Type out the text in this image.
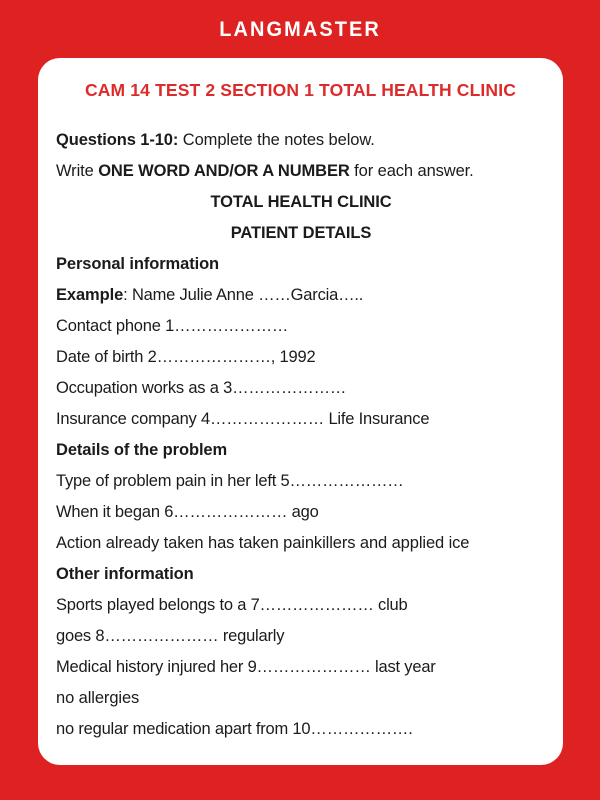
LANGMASTER
CAM 14 TEST 2 SECTION 1 TOTAL HEALTH CLINIC
Questions 1-10: Complete the notes below.
Write ONE WORD AND/OR A NUMBER for each answer.
TOTAL HEALTH CLINIC
PATIENT DETAILS
Personal information
Example: Name Julie Anne ……Garcia…..
Contact phone 1…………………
Date of birth 2…………………, 1992
Occupation works as a 3…………………
Insurance company 4………………… Life Insurance
Details of the problem
Type of problem pain in her left 5…………………
When it began 6………………… ago
Action already taken has taken painkillers and applied ice
Other information
Sports played belongs to a 7………………… club
goes 8………………… regularly
Medical history injured her 9………………… last year
no allergies
no regular medication apart from 10……………….
